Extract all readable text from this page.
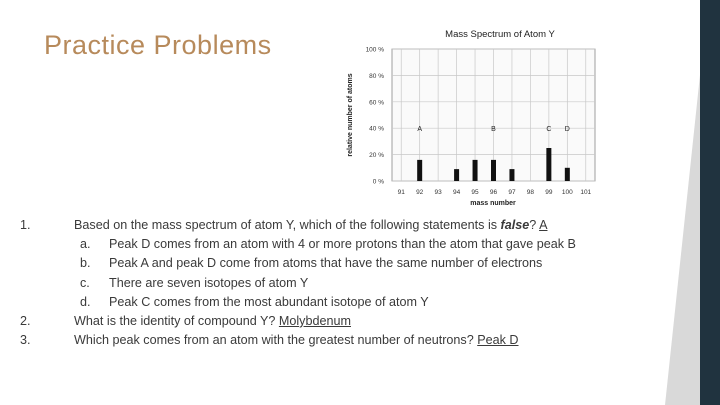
Practice Problems	Mass Spectrum of Atom Y
0 %
20 %
40 %
60 %
80 %
100 %
91 92 93 94 95 96 97 98 99 100 101
A	B	C D
mass number
relative number of atoms
1.	Based on the mass spectrum of atom Y, which of the following statements is false? A
a. Peak D comes from an atom with 4 or more protons than the atom that gave peak B
b. Peak A and peak D come from atoms that have the same number of electrons
c. There are seven isotopes of atom Y
d. Peak C comes from the most abundant isotope of atom Y
2.	What is the identity of compound Y? Molybdenum
3.	Which peak comes from an atom with the greatest number of neutrons? Peak D
